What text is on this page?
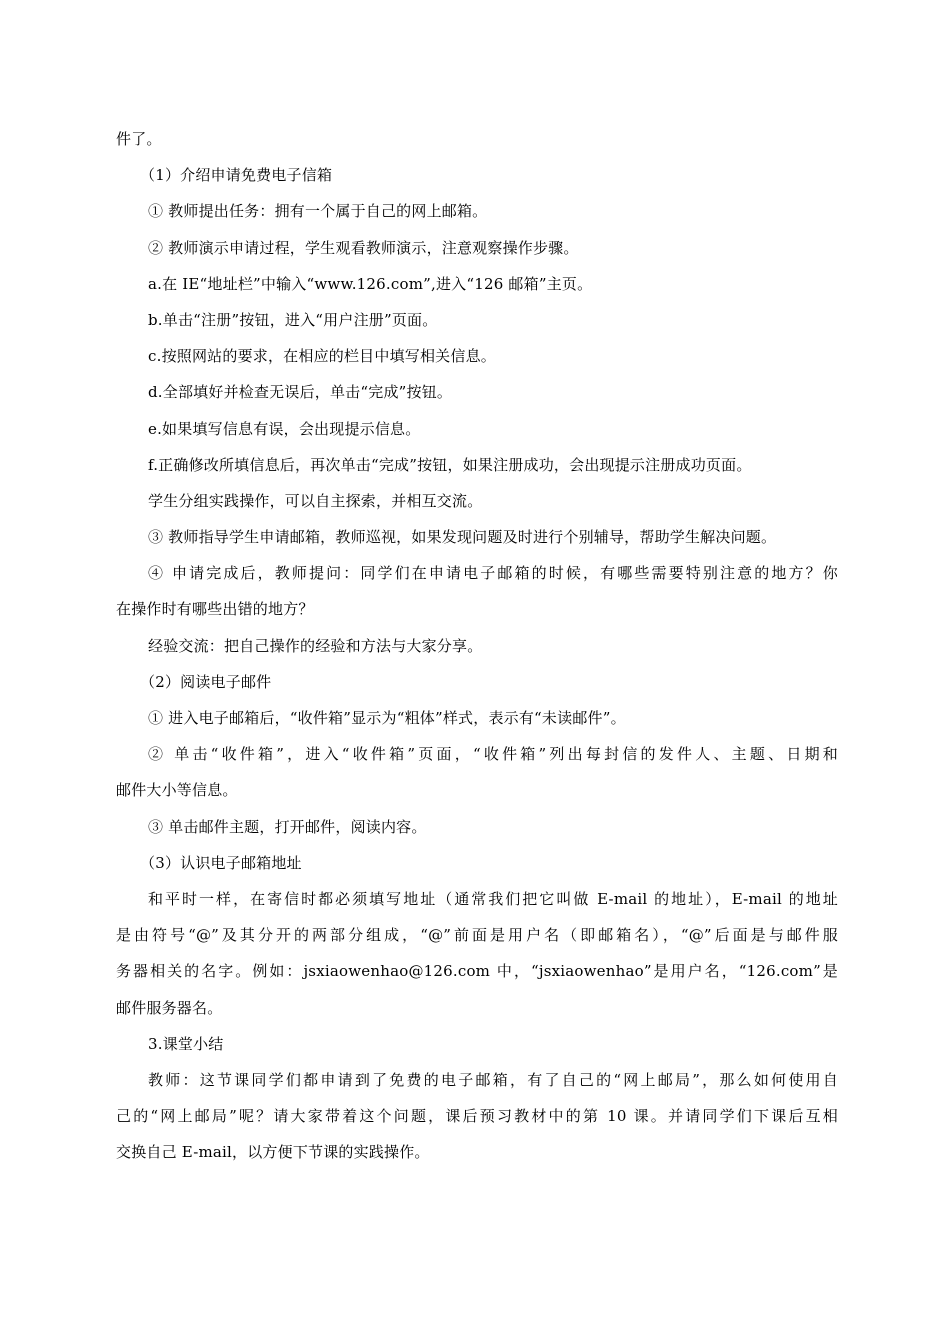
件了。
（1）介绍申请免费电子信箱
① 教师提出任务：拥有一个属于自己的网上邮箱。
② 教师演示申请过程，学生观看教师演示，注意观察操作步骤。
a.在 IE“地址栏”中输入“www.126.com”,进入“126 邮箱”主页。
b.单击“注册”按钮，进入“用户注册”页面。
c.按照网站的要求，在相应的栏目中填写相关信息。
d.全部填好并检查无误后，单击“完成”按钮。
e.如果填写信息有误，会出现提示信息。
f.正确修改所填信息后，再次单击“完成”按钮，如果注册成功，会出现提示注册成功页面。
学生分组实践操作，可以自主探索，并相互交流。
③ 教师指导学生申请邮箱，教师巡视，如果发现问题及时进行个别辅导，帮助学生解决问题。
④ 申请完成后，教师提问：同学们在申请电子邮箱的时候，有哪些需要特别注意的地方？你
在操作时有哪些出错的地方？
经验交流：把自己操作的经验和方法与大家分享。
（2）阅读电子邮件
① 进入电子邮箱后，“收件箱”显示为“粗体”样式，表示有“未读邮件”。
② 单击“收件箱”，进入“收件箱”页面，“收件箱”列出每封信的发件人、主题、日期和
邮件大小等信息。
③ 单击邮件主题，打开邮件，阅读内容。
（3）认识电子邮箱地址
和平时一样，在寄信时都必须填写地址（通常我们把它叫做 E-mail 的地址），E-mail 的地址
是由符号“@”及其分开的两部分组成，“@”前面是用户名（即邮箱名），“@”后面是与邮件服
务器相关的名字。例如：jsxiaowenhao@126.com 中，“jsxiaowenhao”是用户名，“126.com”是
邮件服务器名。
3.课堂小结
教师：这节课同学们都申请到了免费的电子邮箱，有了自己的“网上邮局”，那么如何使用自
己的“网上邮局”呢？请大家带着这个问题，课后预习教材中的第 10 课。并请同学们下课后互相
交换自己 E-mail，以方便下节课的实践操作。
